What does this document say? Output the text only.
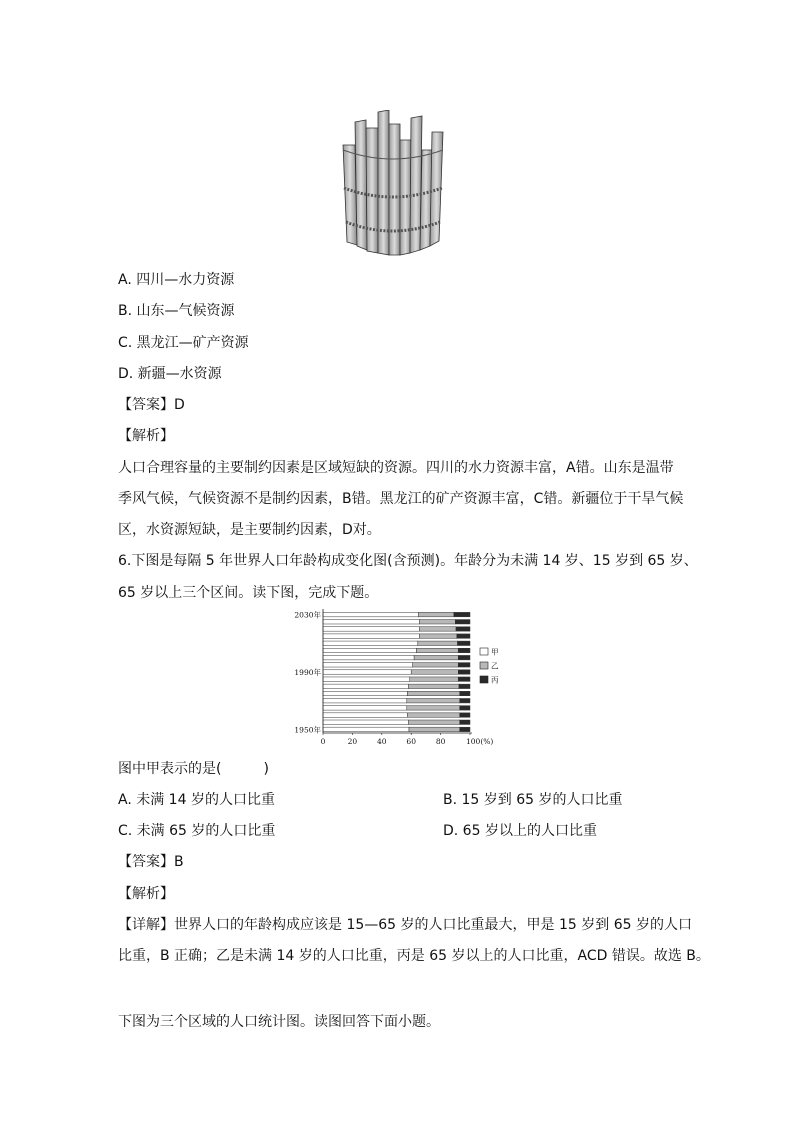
A. 四川—水力资源
B. 山东—气候资源
C. 黑龙江—矿产资源
D. 新疆—水资源
【答案】D
【解析】
人口合理容量的主要制约因素是区域短缺的资源。四川的水力资源丰富，A错。山东是温带
季风气候，气候资源不是制约因素，B错。黑龙江的矿产资源丰富，C错。新疆位于干旱气候
区，水资源短缺，是主要制约因素，D对。
6.下图是每隔 5 年世界人口年龄构成变化图(含预测)。年龄分为未满 14 岁、15 岁到 65 岁、
65 岁以上三个区间。读下图，完成下题。
2030年
1990年
1950年
0	20	40	60	80	100(%)
甲
乙
丙
图中甲表示的是(　　　)
A. 未满 14 岁的人口比重	B. 15 岁到 65 岁的人口比重
C. 未满 65 岁的人口比重	D. 65 岁以上的人口比重
【答案】B
【解析】
【详解】世界人口的年龄构成应该是 15—65 岁的人口比重最大，甲是 15 岁到 65 岁的人口
比重，B 正确；乙是未满 14 岁的人口比重，丙是 65 岁以上的人口比重，ACD 错误。故选 B。
下图为三个区域的人口统计图。读图回答下面小题。
